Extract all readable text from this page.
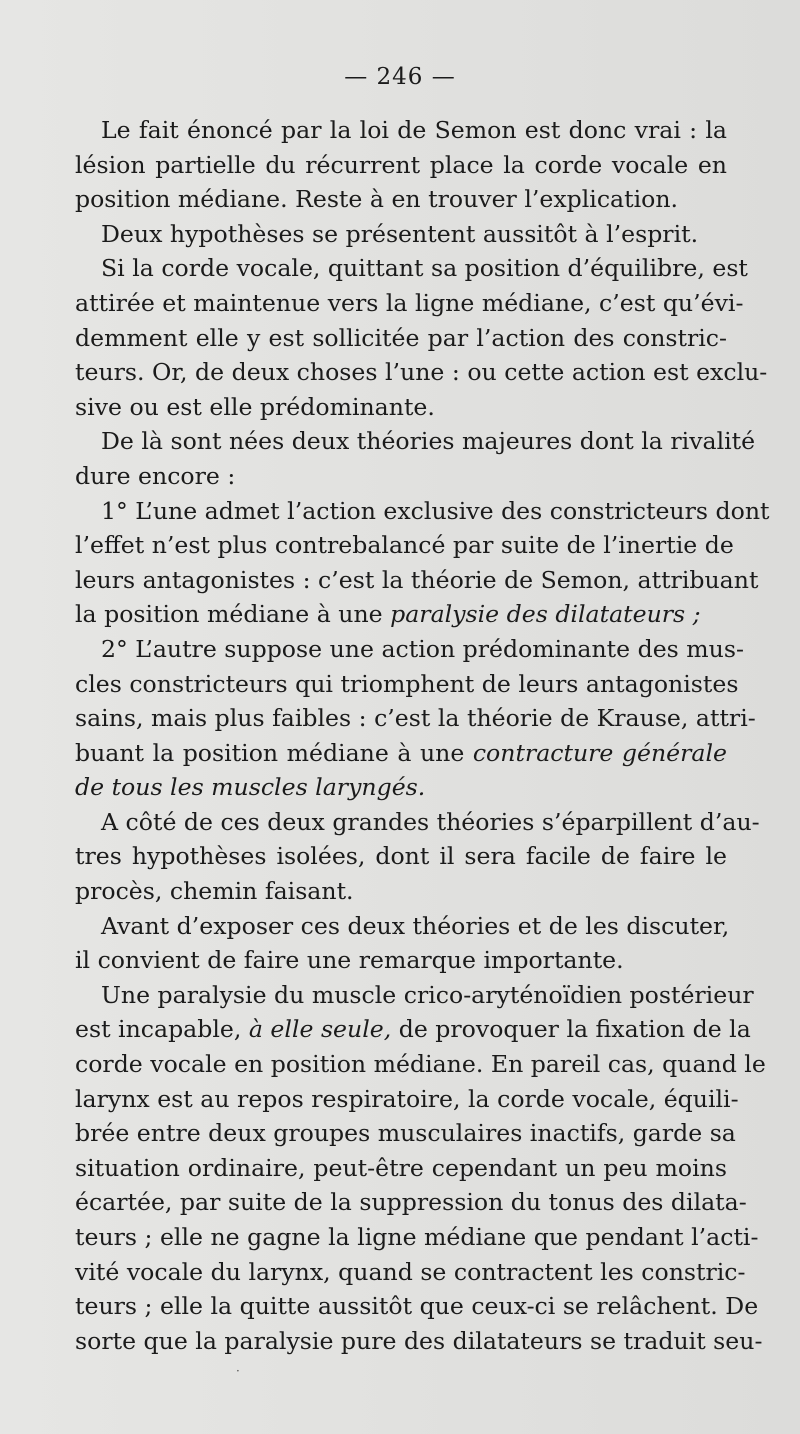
— 246 —
Le fait énoncé par la loi de Semon est donc vrai : la
lésion partielle du récurrent place la corde vocale en
position médiane. Reste à en trouver l’explication.
Deux hypothèses se présentent aussitôt à l’esprit.
Si la corde vocale, quittant sa position d’équilibre, est
attirée et maintenue vers la ligne médiane, c’est qu’évi-
demment elle y est sollicitée par l’action des constric-
teurs. Or, de deux choses l’une : ou cette action est exclu-
sive ou est elle prédominante.
De là sont nées deux théories majeures dont la rivalité
dure encore :
1° L’une admet l’action exclusive des constricteurs dont
l’effet n’est plus contrebalancé par suite de l’inertie de
leurs antagonistes : c’est la théorie de Semon, attribuant
la position médiane à une paralysie des dilatateurs ;
2° L’autre suppose une action prédominante des mus-
cles constricteurs qui triomphent de leurs antagonistes
sains, mais plus faibles : c’est la théorie de Krause, attri-
buant la position médiane à une contracture générale
de tous les muscles laryngés.
A côté de ces deux grandes théories s’éparpillent d’au-
tres hypothèses isolées, dont il sera facile de faire le
procès, chemin faisant.
Avant d’exposer ces deux théories et de les discuter,
il convient de faire une remarque importante.
Une paralysie du muscle crico-aryténoïdien postérieur
est incapable, à elle seule, de provoquer la fixation de la
corde vocale en position médiane. En pareil cas, quand le
larynx est au repos respiratoire, la corde vocale, équili-
brée entre deux groupes musculaires inactifs, garde sa
situation ordinaire, peut-être cependant un peu moins
écartée, par suite de la suppression du tonus des dilata-
teurs ; elle ne gagne la ligne médiane que pendant l’acti-
vité vocale du larynx, quand se contractent les constric-
teurs ; elle la quitte aussitôt que ceux-ci se relâchent. De
sorte que la paralysie pure des dilatateurs se traduit seu-
·
